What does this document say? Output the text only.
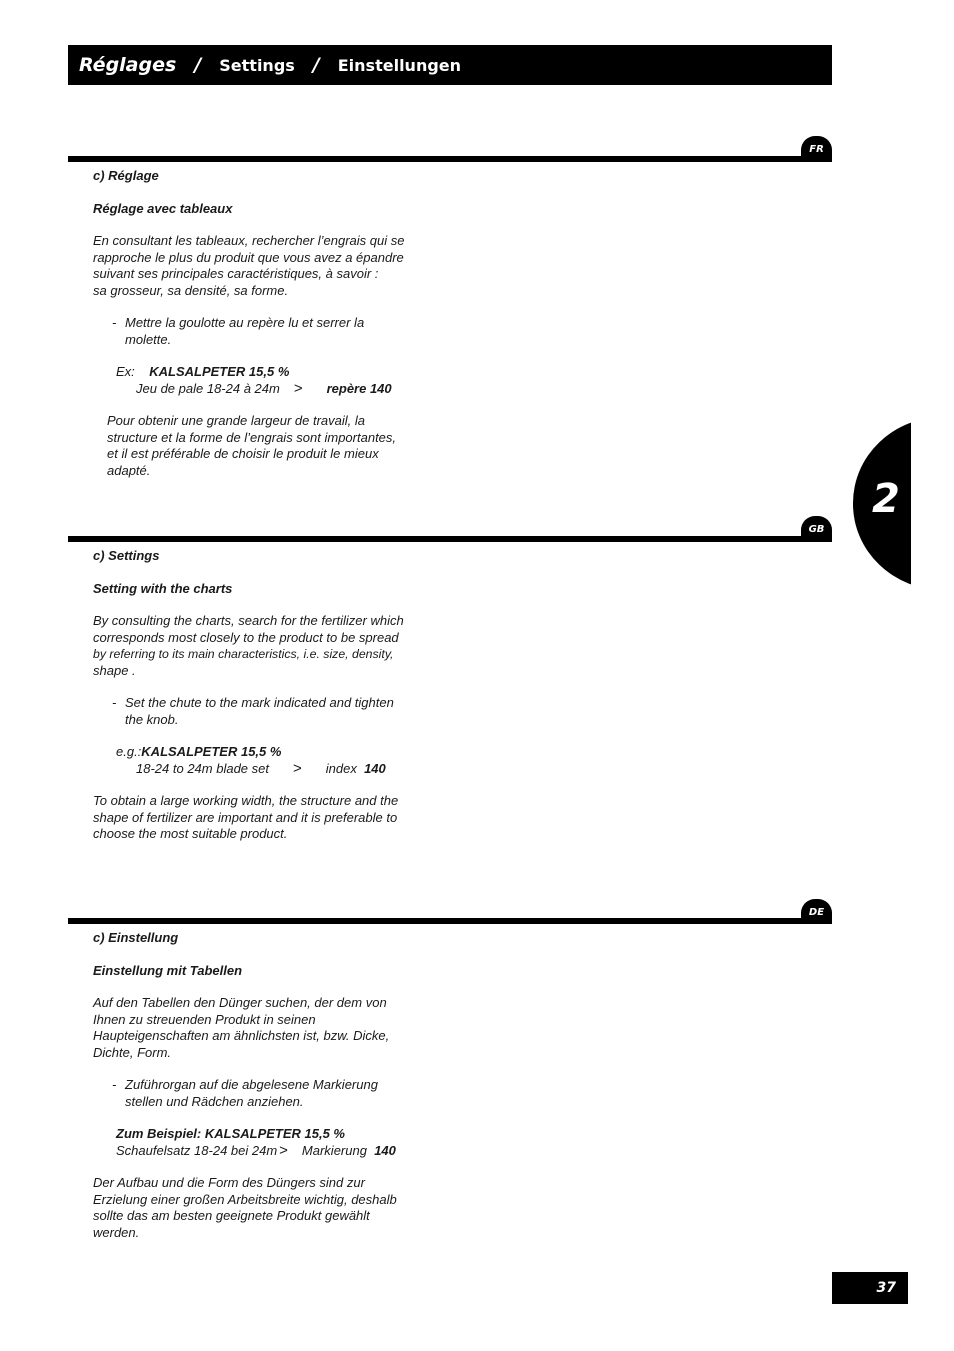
Réglages / Settings / Einstellungen
2
FR

c) Réglage

Réglage avec tableaux

En consultant les tableaux, rechercher l’engrais qui se

rapproche le plus du produit que vous avez a épandre

suivant ses principales caractéristiques, à savoir :

sa grosseur, sa densité, sa forme.

- Mettre la goulotte au repère lu et serrer la

molette.

Ex: KALSALPETER 15,5 %

Jeu de pale 18-24 à 24m > repère 140

Pour obtenir une grande largeur de travail, la

structure et la forme de l’engrais sont importantes,

et il est préférable de choisir le produit le mieux

adapté.

GB

c) Settings

Setting with the charts

By consulting the charts, search for the fertilizer which

corresponds most closely to the product to be spread

by referring to its main characteristics, i.e. size, density,

shape .

- Set the chute to the mark indicated and tighten

the knob.

e.g.:KALSALPETER 15,5 %

18-24 to 24m blade set > index 140

To obtain a large working width, the structure and the

shape of fertilizer are important and it is preferable to

choose the most suitable product.

DE

c) Einstellung

Einstellung mit Tabellen

Auf den Tabellen den Dünger suchen, der dem von

Ihnen zu streuenden Produkt in seinen

Haupteigenschaften am ähnlichsten ist, bzw. Dicke,

Dichte, Form.

- Zuführorgan auf die abgelesene Markierung

stellen und Rädchen anziehen.

Zum Beispiel: KALSALPETER 15,5 %

Schaufelsatz 18-24 bei 24m > Markierung 140

Der Aufbau und die Form des Düngers sind zur

Erzielung einer großen Arbeitsbreite wichtig, deshalb

sollte das am besten geeignete Produkt gewählt

werden.

37
